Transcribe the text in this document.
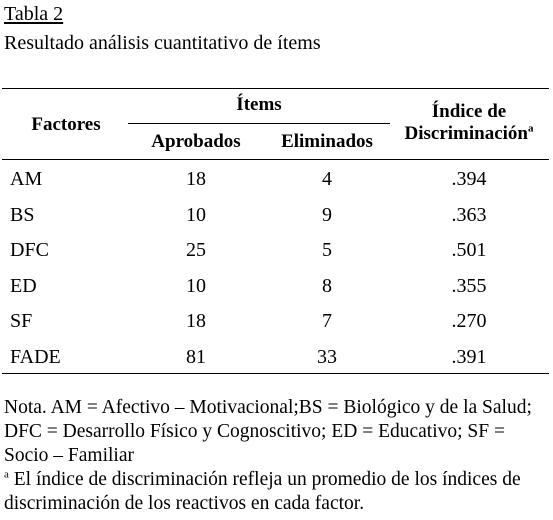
Tabla 2
Resultado análisis cuantitativo de ítems
Factores
Ítems
Aprobados	Eliminados
Índice de
Discriminación$^a$
AM	18	4	.394
BS	10	9	.363
DFC	25	5	.501
ED	10	8	.355
SF	18	7	.270
FADE	81	33	.391
Nota. AM = Afectivo – Motivacional;BS = Biológico y de la Salud;
DFC = Desarrollo Físico y Cognoscitivo; ED = Educativo; SF =
Socio – Familiar
$^a$ El índice de discriminación refleja un promedio de los índices de
discriminación de los reactivos en cada factor.
